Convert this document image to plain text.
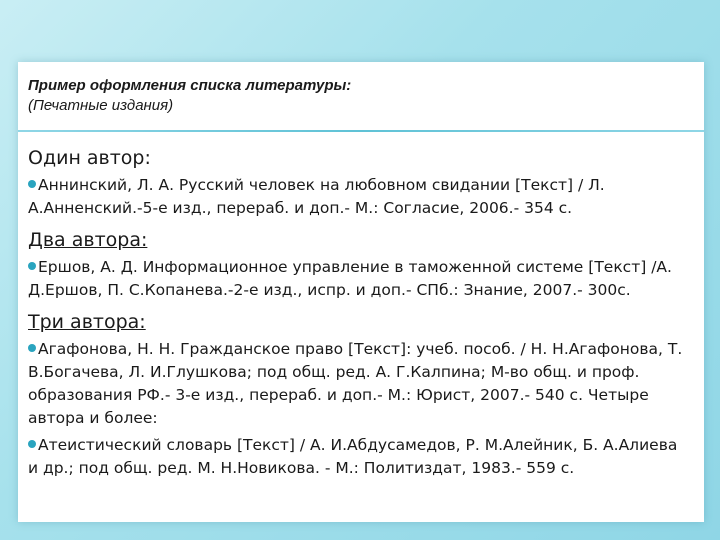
Пример оформления списка литературы:
(Печатные издания)
Один автор:
Аннинский, Л. А. Русский человек на любовном свидании [Текст] / Л. А.Анненский.-5-е изд., перераб. и доп.- М.: Согласие, 2006.- 354 с.
Два автора:
Ершов, А. Д. Информационное управление в таможенной системе [Текст] /А. Д.Ершов, П. С.Копанева.-2-е изд., испр. и доп.- СПб.: Знание, 2007.- 300с.
Три автора:
Агафонова, Н. Н. Гражданское право [Текст]: учеб. пособ. / Н. Н.Агафонова, Т. В.Богачева, Л. И.Глушкова; под общ. ред. А. Г.Калпина; М-во общ. и проф. образования РФ.- 3-е изд., перераб. и доп.- М.: Юрист, 2007.- 540 с. Четыре автора и более:
Атеистический словарь [Текст] / А. И.Абдусамедов, Р. М.Алейник, Б. А.Алиева и др.; под общ. ред. М. Н.Новикова. - М.: Политиздат, 1983.- 559 с.
